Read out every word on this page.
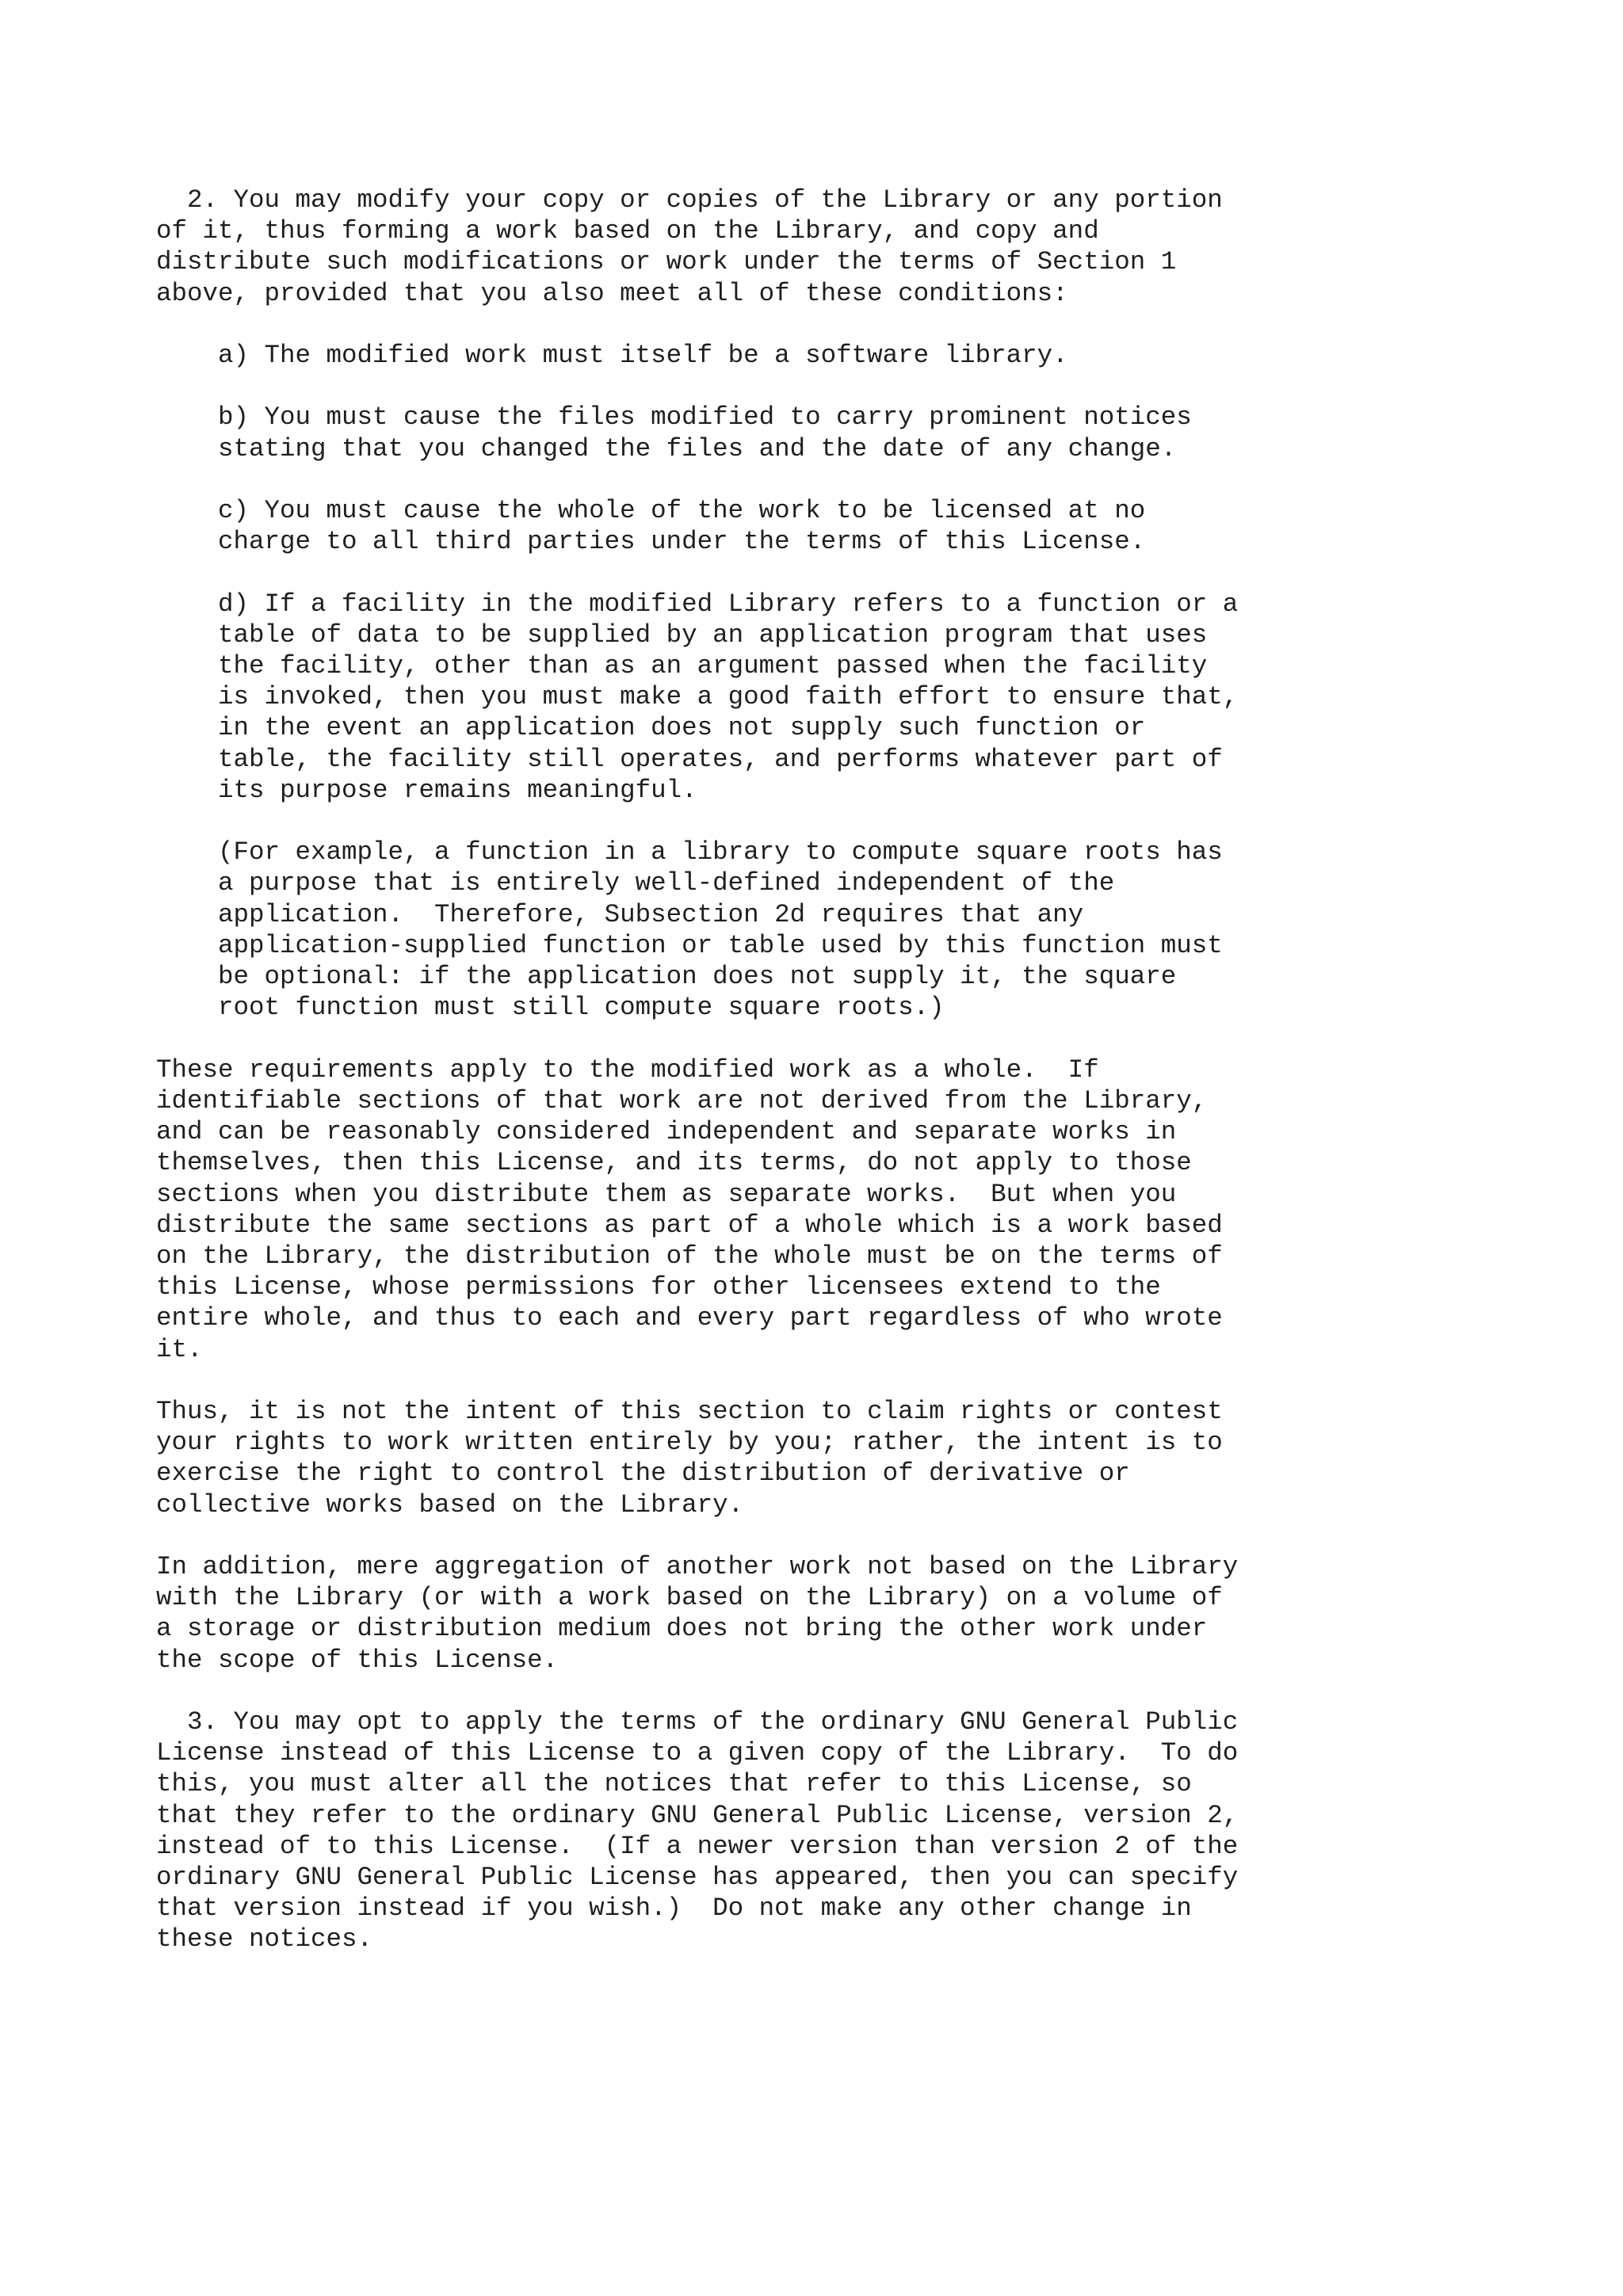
2. You may modify your copy or copies of the Library or any portion
of it, thus forming a work based on the Library, and copy and
distribute such modifications or work under the terms of Section 1
above, provided that you also meet all of these conditions:

a) The modified work must itself be a software library.

b) You must cause the files modified to carry prominent notices
stating that you changed the files and the date of any change.

c) You must cause the whole of the work to be licensed at no
charge to all third parties under the terms of this License.

d) If a facility in the modified Library refers to a function or a
table of data to be supplied by an application program that uses
the facility, other than as an argument passed when the facility
is invoked, then you must make a good faith effort to ensure that,
in the event an application does not supply such function or
table, the facility still operates, and performs whatever part of
its purpose remains meaningful.

(For example, a function in a library to compute square roots has
a purpose that is entirely well-defined independent of the
application.  Therefore, Subsection 2d requires that any
application-supplied function or table used by this function must
be optional: if the application does not supply it, the square
root function must still compute square roots.)

These requirements apply to the modified work as a whole.  If
identifiable sections of that work are not derived from the Library,
and can be reasonably considered independent and separate works in
themselves, then this License, and its terms, do not apply to those
sections when you distribute them as separate works.  But when you
distribute the same sections as part of a whole which is a work based
on the Library, the distribution of the whole must be on the terms of
this License, whose permissions for other licensees extend to the
entire whole, and thus to each and every part regardless of who wrote
it.

Thus, it is not the intent of this section to claim rights or contest
your rights to work written entirely by you; rather, the intent is to
exercise the right to control the distribution of derivative or
collective works based on the Library.

In addition, mere aggregation of another work not based on the Library
with the Library (or with a work based on the Library) on a volume of
a storage or distribution medium does not bring the other work under
the scope of this License.

3. You may opt to apply the terms of the ordinary GNU General Public
License instead of this License to a given copy of the Library.  To do
this, you must alter all the notices that refer to this License, so
that they refer to the ordinary GNU General Public License, version 2,
instead of to this License.  (If a newer version than version 2 of the
ordinary GNU General Public License has appeared, then you can specify
that version instead if you wish.)  Do not make any other change in
these notices.
